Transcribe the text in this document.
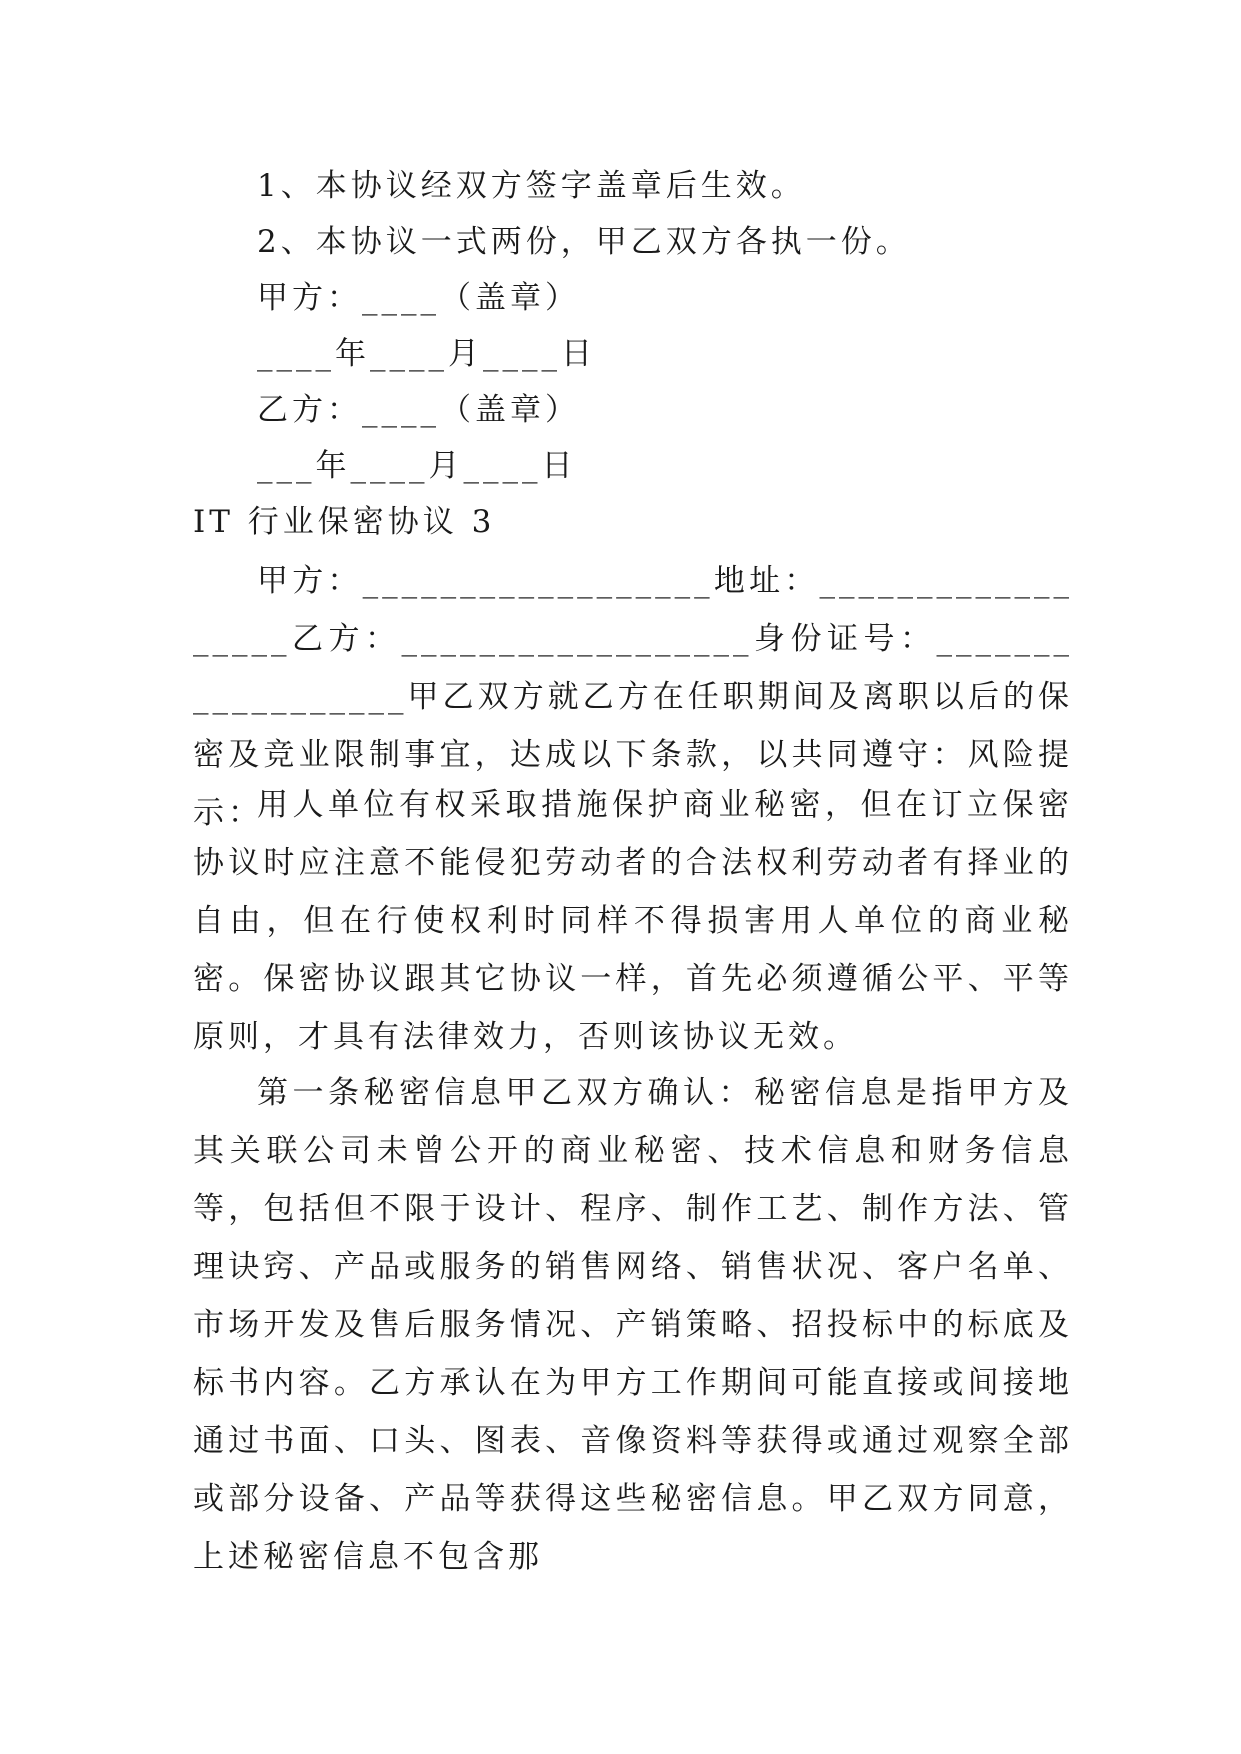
1、本协议经双方签字盖章后生效。
2、本协议一式两份，甲乙双方各执一份。
甲方：____（盖章）
____年____月____日
乙方：____（盖章）
___年____月____日
IT 行业保密协议 3
甲方：__________________地址：__________________乙方：__________________身份证号：__________________甲乙双方就乙方在任职期间及离职以后的保密及竞业限制事宜，达成以下条款，以共同遵守：风险提示：
用人单位有权采取措施保护商业秘密，但在订立保密协议时应注意不能侵犯劳动者的合法权利劳动者有择业的自由，但在行使权利时同样不得损害用人单位的商业秘密。保密协议跟其它协议一样，首先必须遵循公平、平等原则，才具有法律效力，否则该协议无效。
第一条秘密信息甲乙双方确认：秘密信息是指甲方及其关联公司未曾公开的商业秘密、技术信息和财务信息等，包括但不限于设计、程序、制作工艺、制作方法、管理诀窍、产品或服务的销售网络、销售状况、客户名单、市场开发及售后服务情况、产销策略、招投标中的标底及标书内容。乙方承认在为甲方工作期间可能直接或间接地通过书面、口头、图表、音像资料等获得或通过观察全部或部分设备、产品等获得这些秘密信息。甲乙双方同意，上述秘密信息不包含那
